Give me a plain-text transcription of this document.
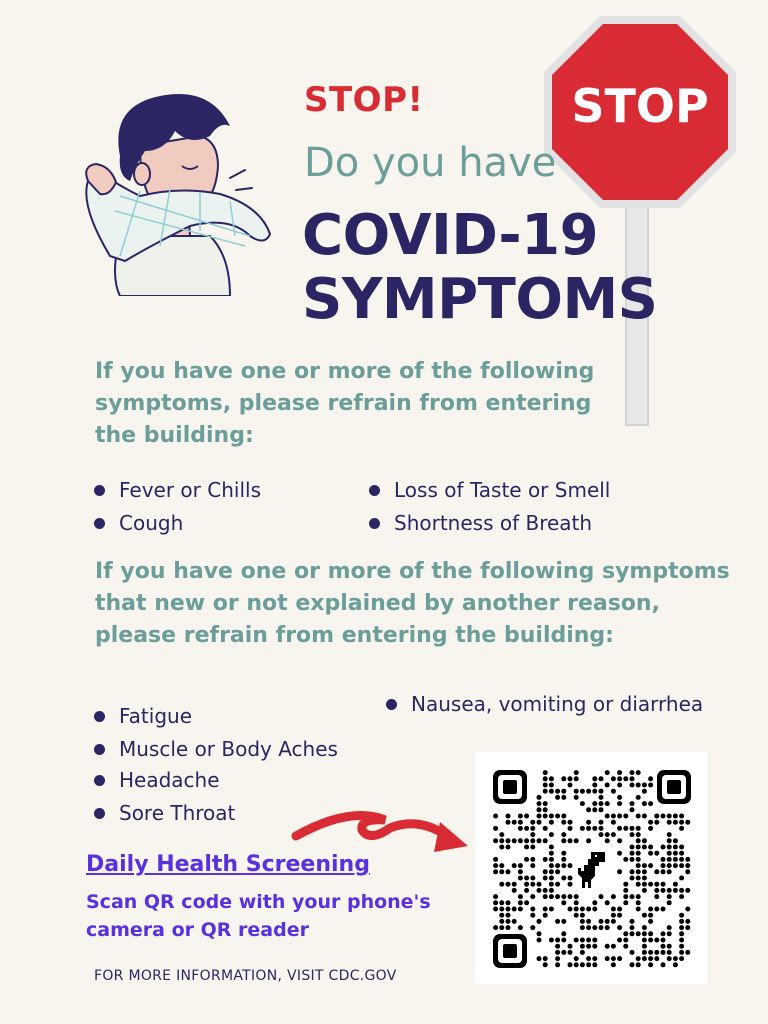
STOP
STOP!
Do you have
COVID-19
SYMPTOMS
If you have one or more of the following symptoms, please refrain from entering the building:
Fever or Chills
Cough
Loss of Taste or Smell
Shortness of Breath
If you have one or more of the following symptoms that new or not explained by another reason, please refrain from entering the building:
Fatigue
Muscle or Body Aches
Headache
Sore Throat
Nausea, vomiting or diarrhea
Daily Health Screening
Scan QR code with your phone's camera or QR reader
FOR MORE INFORMATION, VISIT CDC.GOV
